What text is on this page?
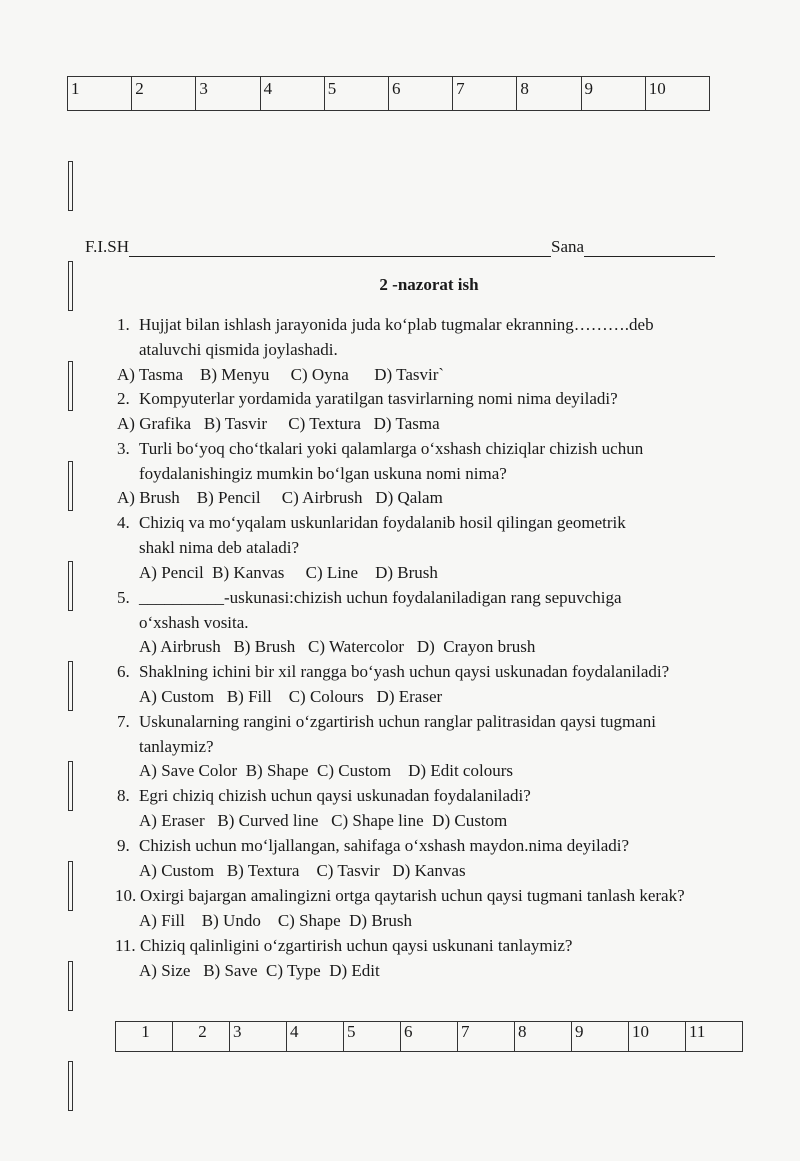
1	2	3	4	5	6	7	8	9	10

F.I.SH	Sana
2 -nazorat ish
1. Hujjat bilan ishlash jarayonida juda ko‘plab tugmalar ekranning……….deb
ataluvchi qismida joylashadi.
A) Tasma    B) Menyu     C) Oyna      D) Tasvir`
2. Kompyuterlar yordamida yaratilgan tasvirlarning nomi nima deyiladi?
A) Grafika   B) Tasvir     C) Textura   D) Tasma
3. Turli bo‘yoq cho‘tkalari yoki qalamlarga o‘xshash chiziqlar chizish uchun
foydalanishingiz mumkin bo‘lgan uskuna nomi nima?
A) Brush    B) Pencil     C) Airbrush   D) Qalam
4. Chiziq va mo‘yqalam uskunlaridan foydalanib hosil qilingan geometrik
shakl nima deb ataladi?
A) Pencil  B) Kanvas     C) Line    D) Brush
5. __________-uskunasi:chizish uchun foydalaniladigan rang sepuvchiga
o‘xshash vosita.
A) Airbrush   B) Brush   C) Watercolor   D)  Crayon brush
6. Shaklning ichini bir xil rangga bo‘yash uchun qaysi uskunadan foydalaniladi?
A) Custom   B) Fill    C) Colours   D) Eraser
7. Uskunalarning rangini o‘zgartirish uchun ranglar palitrasidan qaysi tugmani
tanlaymiz?
A) Save Color  B) Shape  C) Custom    D) Edit colours
8. Egri chiziq chizish uchun qaysi uskunadan foydalaniladi?
A) Eraser   B) Curved line   C) Shape line  D) Custom
9. Chizish uchun mo‘ljallangan, sahifaga o‘xshash maydon.nima deyiladi?
A) Custom   B) Textura    C) Tasvir   D) Kanvas
10. Oxirgi bajargan amalingizni ortga qaytarish uchun qaysi tugmani tanlash kerak?
A) Fill    B) Undo    C) Shape  D) Brush
11. Chiziq qalinligini o‘zgartirish uchun qaysi uskunani tanlaymiz?
A) Size   B) Save  C) Type  D) Edit
1	2	3	4	5	6	7	8	9	10	11
